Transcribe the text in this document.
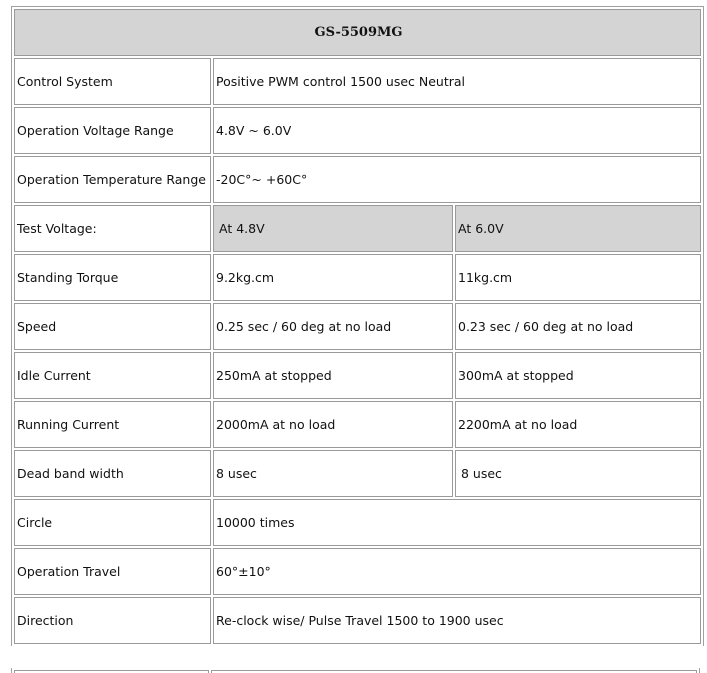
GS-5509MG		
Control System	Positive PWM control 1500 usec Neutral	
Operation Voltage Range	4.8V ~ 6.0V	
Operation Temperature Range	-20C°~ +60C°	
Test Voltage:	At 4.8V	At 6.0V
Standing Torque	9.2kg.cm	11kg.cm
Speed	0.25 sec / 60 deg at no load	0.23 sec / 60 deg at no load
Idle Current	250mA at stopped	300mA at stopped
Running Current	2000mA at no load	2200mA at no load
Dead band width	8 usec	8 usec
Circle	10000 times	
Operation Travel	60°±10°	
Direction	Re-clock wise/ Pulse Travel 1500 to 1900 usec	
